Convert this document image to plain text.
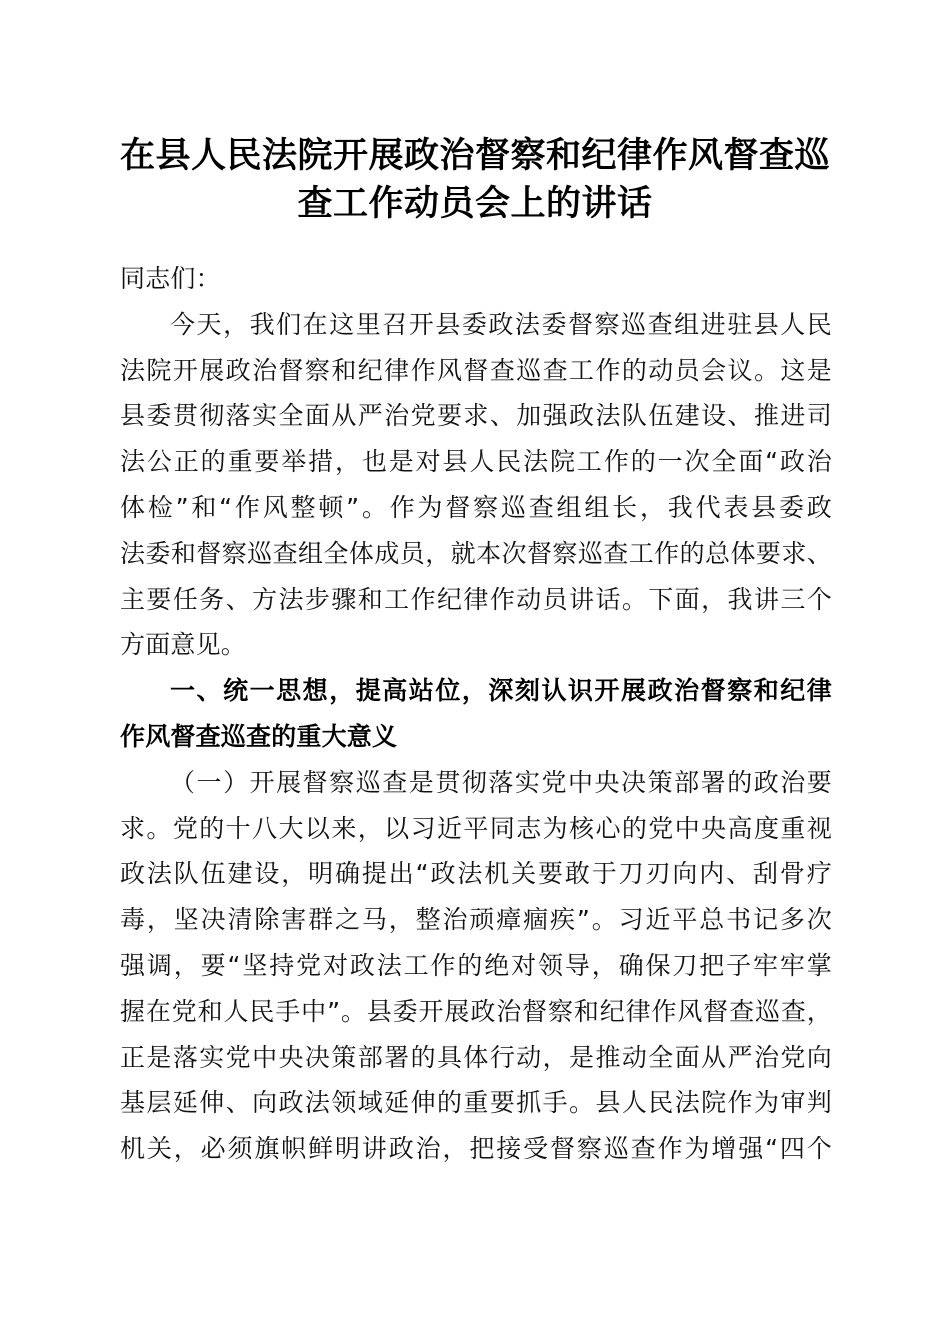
在县人民法院开展政治督察和纪律作风督查巡
查工作动员会上的讲话

同志们：

今天，我们在这里召开县委政法委督察巡查组进驻县人民
法院开展政治督察和纪律作风督查巡查工作的动员会议。这是
县委贯彻落实全面从严治党要求、加强政法队伍建设、推进司
法公正的重要举措，也是对县人民法院工作的一次全面“政治
体检”和“作风整顿”。作为督察巡查组组长，我代表县委政
法委和督察巡查组全体成员，就本次督察巡查工作的总体要求、
主要任务、方法步骤和工作纪律作动员讲话。下面，我讲三个
方面意见。

一、统一思想，提高站位，深刻认识开展政治督察和纪律
作风督查巡查的重大意义

（一）开展督察巡查是贯彻落实党中央决策部署的政治要
求。党的十八大以来，以习近平同志为核心的党中央高度重视
政法队伍建设，明确提出“政法机关要敢于刀刃向内、刮骨疗
毒，坚决清除害群之马，整治顽瘴痼疾”。习近平总书记多次
强调，要“坚持党对政法工作的绝对领导，确保刀把子牢牢掌
握在党和人民手中”。县委开展政治督察和纪律作风督查巡查，
正是落实党中央决策部署的具体行动，是推动全面从严治党向
基层延伸、向政法领域延伸的重要抓手。县人民法院作为审判
机关，必须旗帜鲜明讲政治，把接受督察巡查作为增强“四个
